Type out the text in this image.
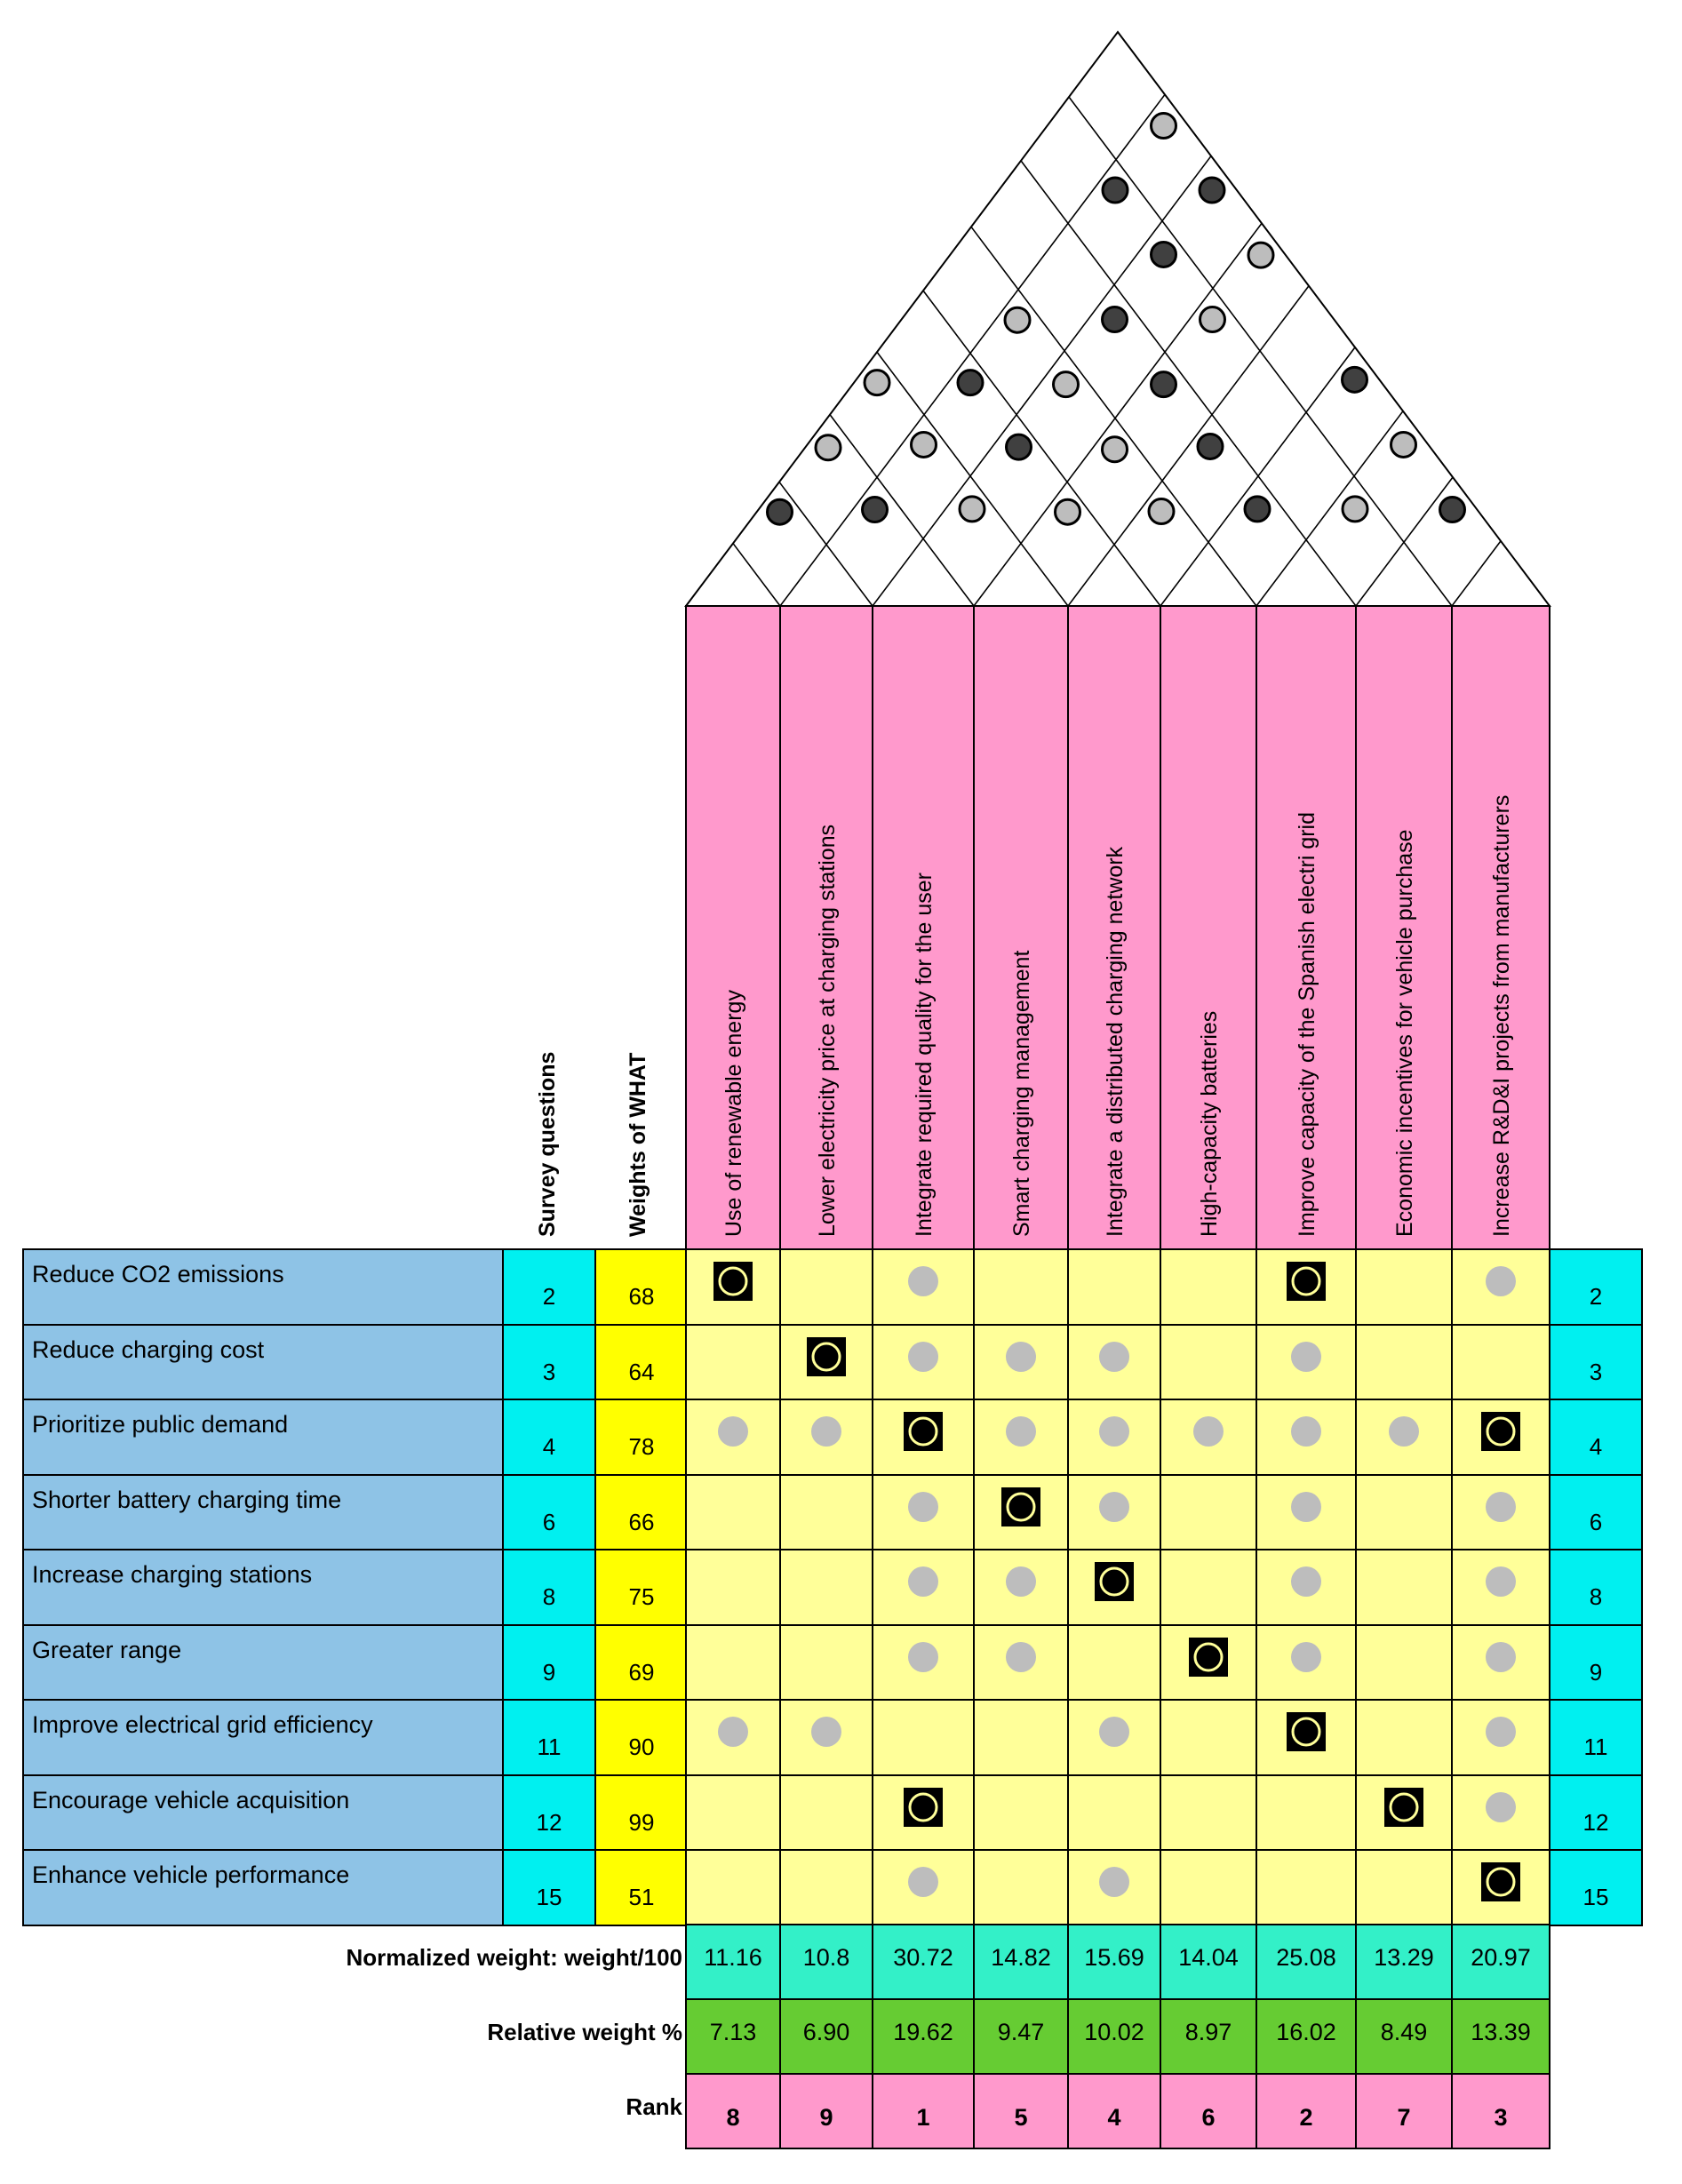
Use of renewable energy	Lower electricity price at charging stations	Integrate required quality for the user	Smart charging management	Integrate a distributed charging network	High-capacity batteries	Improve capacity of the Spanish electri grid	Economic incentives for vehicle purchase	Increase R&D&I projects from manufacturers
Survey questions	Weights of WHAT
Reduce CO2 emissions
2	68	2
Reduce charging cost
3	64	3
Prioritize public demand
4	78	4
Shorter battery charging time
6	66	6
Increase charging stations
8	75	8
Greater range
9	69	9
Improve electrical grid efficiency
11	90	11
Encourage vehicle acquisition
12	99	12
Enhance vehicle performance
15	51	15
Normalized weight: weight/100 11.16 10.8 30.72 14.82 15.69 14.04 25.08 13.29 20.97
Relative weight % 7.13 6.90 19.62 9.47 10.02 8.97 16.02 8.49 13.39
Rank 8	9	1	5	4	6	2	7	3
